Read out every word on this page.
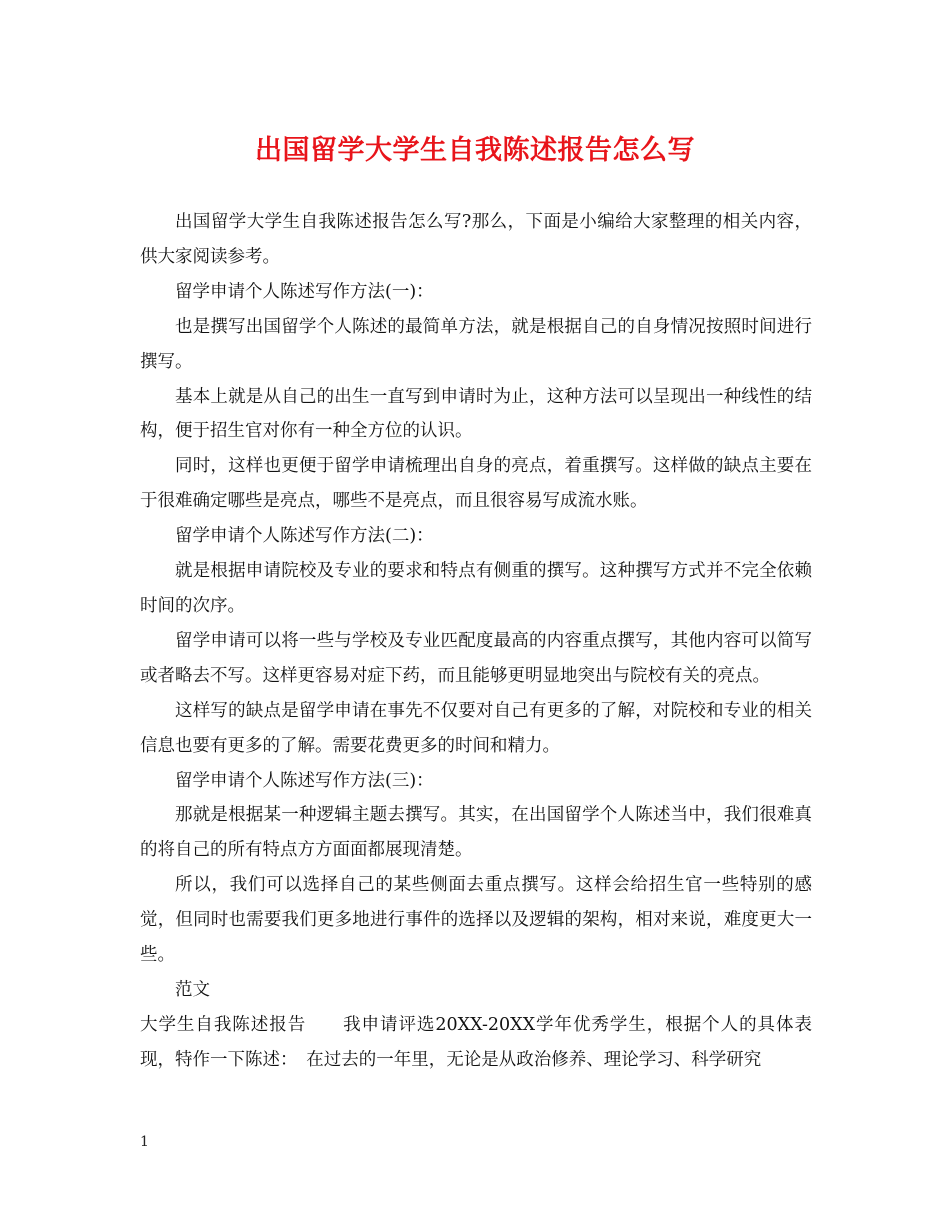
出国留学大学生自我陈述报告怎么写

出国留学大学生自我陈述报告怎么写?那么，下面是小编给大家整理的相关内容，供大家阅读参考。

留学申请个人陈述写作方法(一)：

也是撰写出国留学个人陈述的最简单方法，就是根据自己的自身情况按照时间进行撰写。

基本上就是从自己的出生一直写到申请时为止，这种方法可以呈现出一种线性的结构，便于招生官对你有一种全方位的认识。

同时，这样也更便于留学申请梳理出自身的亮点，着重撰写。这样做的缺点主要在于很难确定哪些是亮点，哪些不是亮点，而且很容易写成流水账。

留学申请个人陈述写作方法(二)：

就是根据申请院校及专业的要求和特点有侧重的撰写。这种撰写方式并不完全依赖时间的次序。

留学申请可以将一些与学校及专业匹配度最高的内容重点撰写，其他内容可以简写或者略去不写。这样更容易对症下药，而且能够更明显地突出与院校有关的亮点。

这样写的缺点是留学申请在事先不仅要对自己有更多的了解，对院校和专业的相关信息也要有更多的了解。需要花费更多的时间和精力。

留学申请个人陈述写作方法(三)：

那就是根据某一种逻辑主题去撰写。其实，在出国留学个人陈述当中，我们很难真的将自己的所有特点方方面面都展现清楚。

所以，我们可以选择自己的某些侧面去重点撰写。这样会给招生官一些特别的感觉，但同时也需要我们更多地进行事件的选择以及逻辑的架构，相对来说，难度更大一些。

范文

大学生自我陈述报告　　我申请评选20XX-20XX学年优秀学生，根据个人的具体表现，特作一下陈述：　在过去的一年里，无论是从政治修养、理论学习、科学研究

1
